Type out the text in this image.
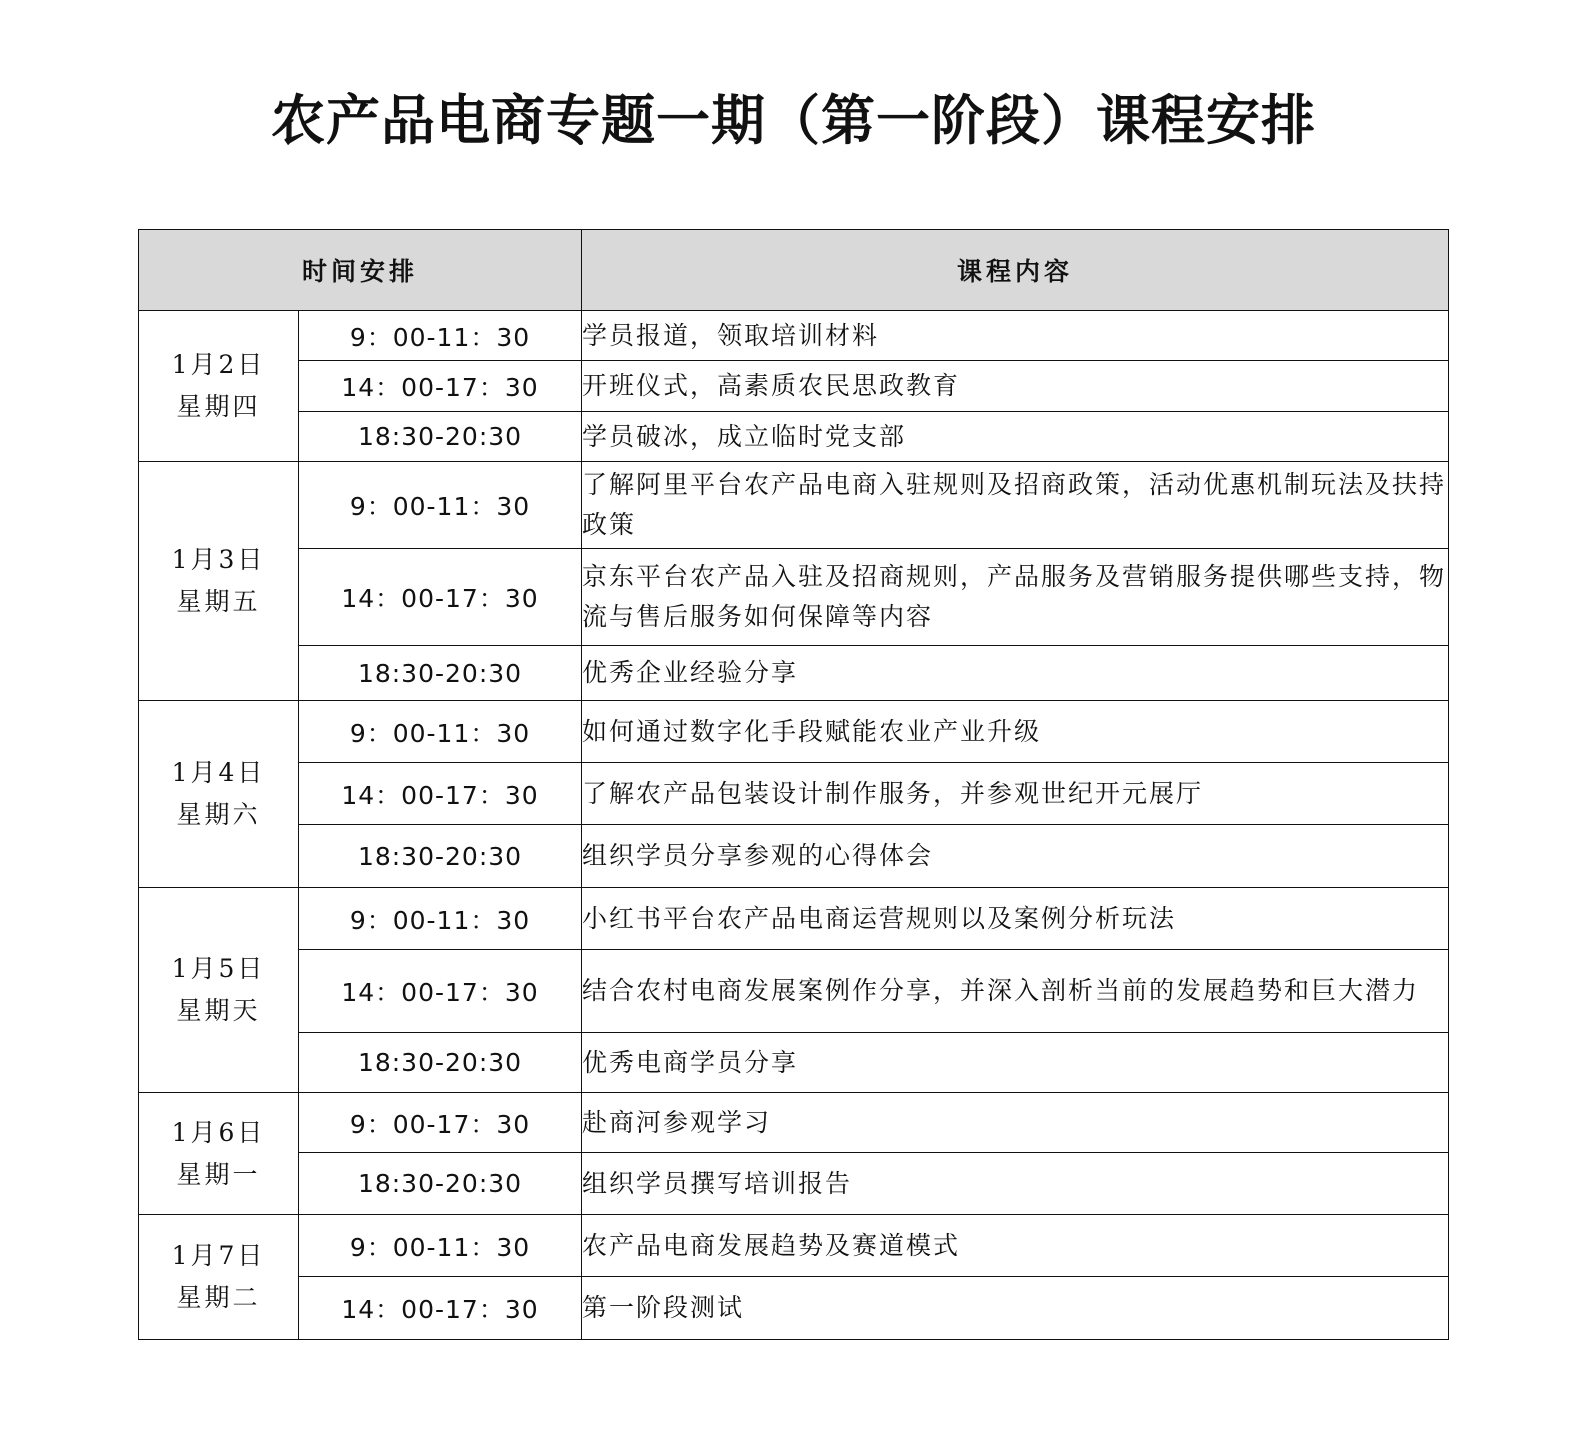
农产品电商专题一期（第一阶段）课程安排
时间安排		课程内容

1月2日
星期四	9：00-11：30	学员报道，领取培训材料
	14：00-17：30	开班仪式，高素质农民思政教育
	18:30-20:30	学员破冰，成立临时党支部

1月3日
星期五	9：00-11：30	了解阿里平台农产品电商入驻规则及招商政策，活动优惠机制玩法及扶持政策
	14：00-17：30	京东平台农产品入驻及招商规则，产品服务及营销服务提供哪些支持，物流与售后服务如何保障等内容
	18:30-20:30	优秀企业经验分享

1月4日
星期六	9：00-11：30	如何通过数字化手段赋能农业产业升级
	14：00-17：30	了解农产品包装设计制作服务，并参观世纪开元展厅
	18:30-20:30	组织学员分享参观的心得体会

1月5日
星期天	9：00-11：30	小红书平台农产品电商运营规则以及案例分析玩法
	14：00-17：30	结合农村电商发展案例作分享，并深入剖析当前的发展趋势和巨大潜力
	18:30-20:30	优秀电商学员分享

1月6日
星期一	9：00-17：30	赴商河参观学习
	18:30-20:30	组织学员撰写培训报告

1月7日
星期二	9：00-11：30	农产品电商发展趋势及赛道模式
	14：00-17：30	第一阶段测试
